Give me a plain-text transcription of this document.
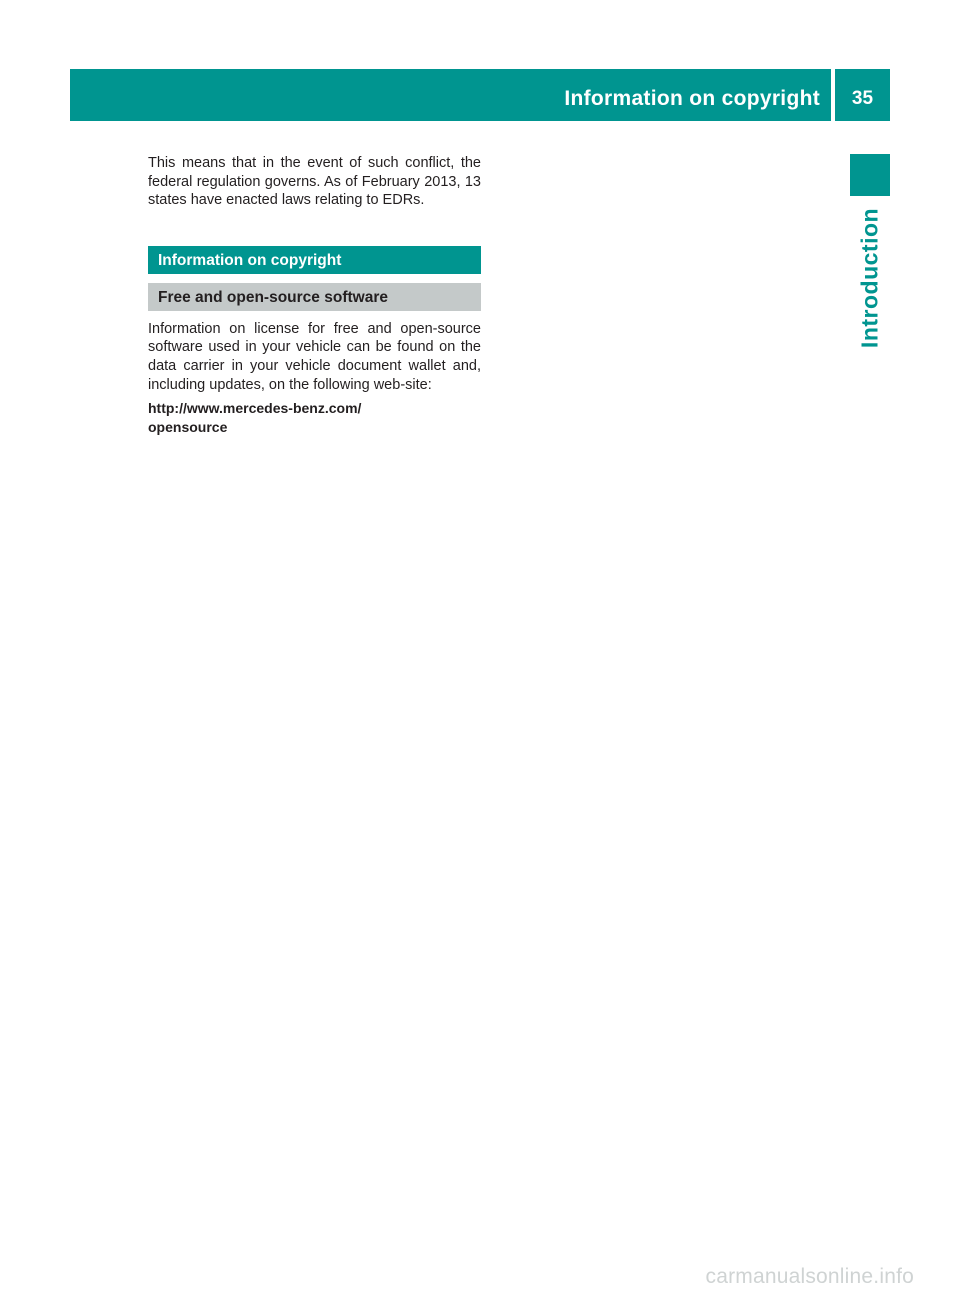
Information on copyright	35
Introduction

This means that in the event of such conflict, the federal regulation governs. As of February 2013, 13 states have enacted laws relating to EDRs.

Information on copyright
Free and open-source software

Information on license for free and open-source software used in your vehicle can be found on the data carrier in your vehicle document wallet and, including updates, on the following web-site:

http://www.mercedes-benz.com/
opensource
carmanualsonline.info
